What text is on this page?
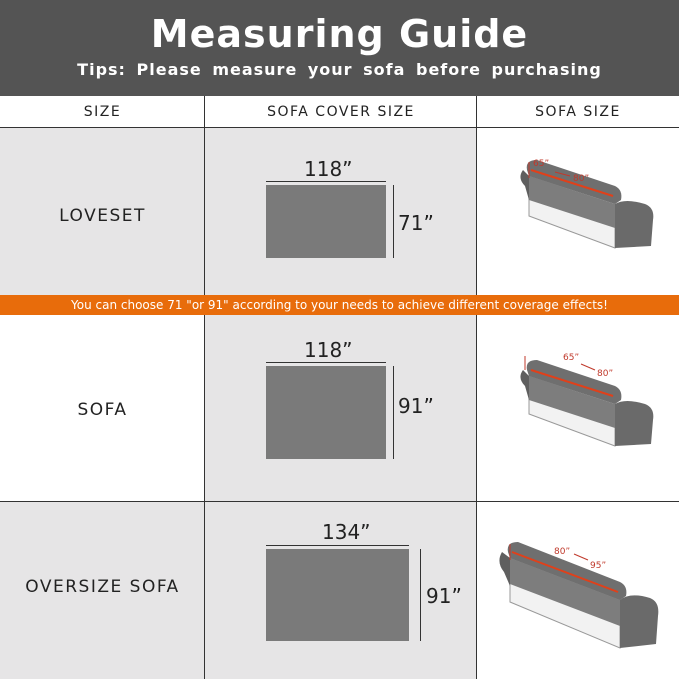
Measuring Guide
Tips: Please measure your sofa before purchasing
SIZE	SOFA COVER SIZE	SOFA SIZE
You can choose 71 "or 91" according to your needs to achieve different coverage effects!
LOVESET
SOFA
OVERSIZE SOFA
118”
71”
118”
91”
134”
91”
65”
80”
65”
80”
80”
95”
